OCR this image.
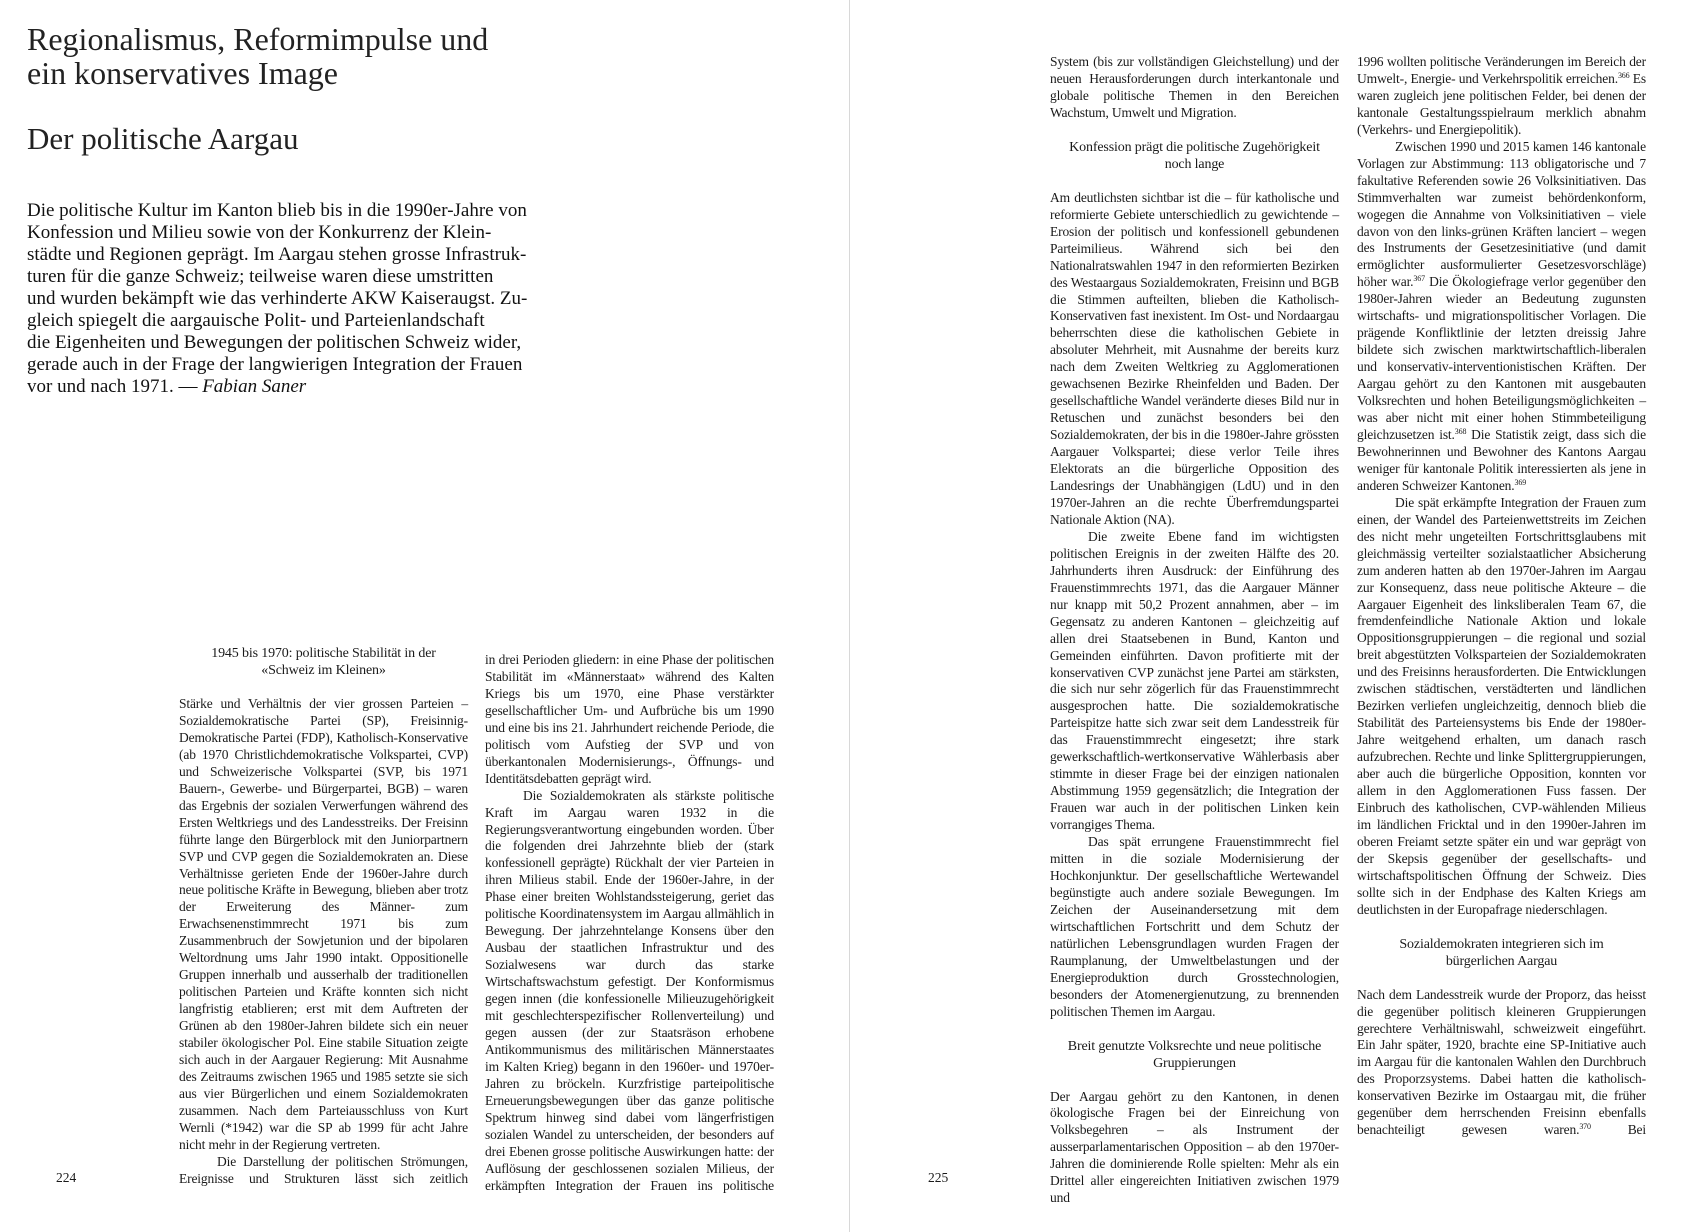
Regionalismus, Reformimpulse und
ein konservatives Image
Der politische Aargau
Die politische Kultur im Kanton blieb bis in die 1990er-Jahre von
Konfession und Milieu sowie von der Konkurrenz der Klein-
städte und Regionen geprägt. Im Aargau stehen grosse Infrastruk-
turen für die ganze Schweiz; teilweise waren diese umstritten
und wurden bekämpft wie das verhinderte AKW Kaiseraugst. Zu-
gleich spiegelt die aargauische Polit- und Parteienlandschaft
die Eigenheiten und Bewegungen der politischen Schweiz wider,
gerade auch in der Frage der langwierigen Integration der Frauen
vor und nach 1971. — Fabian Saner
1945 bis 1970: politische Stabilität in der «Schweiz im Kleinen»

Stärke und Verhältnis der vier grossen Parteien – Sozialdemokratische Partei (SP), Freisinnig-Demokratische Partei (FDP), Katholisch-Konservative (ab 1970 Christlichdemokratische Volkspartei, CVP) und Schweizerische Volkspartei (SVP, bis 1971 Bauern-, Gewerbe- und Bürgerpartei, BGB) – waren das Ergebnis der sozialen Verwerfungen während des Ersten Weltkriegs und des Landesstreiks. Der Freisinn führte lange den Bürgerblock mit den Juniorpartnern SVP und CVP gegen die Sozialdemokraten an. Diese Verhältnisse gerieten Ende der 1960er-Jahre durch neue politische Kräfte in Bewegung, blieben aber trotz der Erweiterung des Männer- zum Erwachsenenstimmrecht 1971 bis zum Zusammenbruch der Sowjetunion und der bipolaren Weltordnung ums Jahr 1990 intakt. Oppositionelle Gruppen innerhalb und ausserhalb der traditionellen politischen Parteien und Kräfte konnten sich nicht langfristig etablieren; erst mit dem Auftreten der Grünen ab den 1980er-Jahren bildete sich ein neuer stabiler ökologischer Pol. Eine stabile Situation zeigte sich auch in der Aargauer Regierung: Mit Ausnahme des Zeitraums zwischen 1965 und 1985 setzte sie sich aus vier Bürgerlichen und einem Sozialdemokraten zusammen. Nach dem Parteiausschluss von Kurt Wernli (*1942) war die SP ab 1999 für acht Jahre nicht mehr in der Regierung vertreten.

Die Darstellung der politischen Strömungen, Ereignisse und Strukturen lässt sich zeitlich

in drei Perioden gliedern: in eine Phase der politischen Stabilität im «Männerstaat» während des Kalten Kriegs bis um 1970, eine Phase verstärkter gesellschaftlicher Um- und Aufbrüche bis um 1990 und eine bis ins 21. Jahrhundert reichende Periode, die politisch vom Aufstieg der SVP und von überkantonalen Modernisierungs-, Öffnungs- und Identitätsdebatten geprägt wird.

Die Sozialdemokraten als stärkste politische Kraft im Aargau waren 1932 in die Regierungsverantwortung eingebunden worden. Über die folgenden drei Jahrzehnte blieb der (stark konfessionell geprägte) Rückhalt der vier Parteien in ihren Milieus stabil. Ende der 1960er-Jahre, in der Phase einer breiten Wohlstandssteigerung, geriet das politische Koordinatensystem im Aargau allmählich in Bewegung. Der jahrzehntelange Konsens über den Ausbau der staatlichen Infrastruktur und des Sozialwesens war durch das starke Wirtschaftswachstum gefestigt. Der Konformismus gegen innen (die konfessionelle Milieuzugehörigkeit mit geschlechterspezifischer Rollenverteilung) und gegen aussen (der zur Staatsräson erhobene Antikommunismus des militärischen Männerstaates im Kalten Krieg) begann in den 1960er- und 1970er-Jahren zu bröckeln. Kurzfristige parteipolitische Erneuerungsbewegungen über das ganze politische Spektrum hinweg sind dabei vom längerfristigen sozialen Wandel zu unterscheiden, der besonders auf drei Ebenen grosse politische Auswirkungen hatte: der Auflösung der geschlossenen sozialen Milieus, der erkämpften Integration der Frauen ins politische

224

System (bis zur vollständigen Gleichstellung) und der neuen Herausforderungen durch interkantonale und globale politische Themen in den Bereichen Wachstum, Umwelt und Migration.

Konfession prägt die politische Zugehörigkeit noch lange

Am deutlichsten sichtbar ist die – für katholische und reformierte Gebiete unterschiedlich zu gewichtende – Erosion der politisch und konfessionell gebundenen Parteimilieus. Während sich bei den Nationalratswahlen 1947 in den reformierten Bezirken des Westaargaus Sozialdemokraten, Freisinn und BGB die Stimmen aufteilten, blieben die Katholisch-Konservativen fast inexistent. Im Ost- und Nordaargau beherrschten diese die katholischen Gebiete in absoluter Mehrheit, mit Ausnahme der bereits kurz nach dem Zweiten Weltkrieg zu Agglomerationen gewachsenen Bezirke Rheinfelden und Baden. Der gesellschaftliche Wandel veränderte dieses Bild nur in Retuschen und zunächst besonders bei den Sozialdemokraten, der bis in die 1980er-Jahre grössten Aargauer Volkspartei; diese verlor Teile ihres Elektorats an die bürgerliche Opposition des Landesrings der Unabhängigen (LdU) und in den 1970er-Jahren an die rechte Überfremdungspartei Nationale Aktion (NA).

Die zweite Ebene fand im wichtigsten politischen Ereignis in der zweiten Hälfte des 20. Jahrhunderts ihren Ausdruck: der Einführung des Frauenstimmrechts 1971, das die Aargauer Männer nur knapp mit 50,2 Prozent annahmen, aber – im Gegensatz zu anderen Kantonen – gleichzeitig auf allen drei Staatsebenen in Bund, Kanton und Gemeinden einführten. Davon profitierte mit der konservativen CVP zunächst jene Partei am stärksten, die sich nur sehr zögerlich für das Frauenstimmrecht ausgesprochen hatte. Die sozialdemokratische Parteispitze hatte sich zwar seit dem Landesstreik für das Frauenstimmrecht eingesetzt; ihre stark gewerkschaftlich-wertkonservative Wählerbasis aber stimmte in dieser Frage bei der einzigen nationalen Abstimmung 1959 gegensätzlich; die Integration der Frauen war auch in der politischen Linken kein vorrangiges Thema.

Das spät errungene Frauenstimmrecht fiel mitten in die soziale Modernisierung der Hochkonjunktur. Der gesellschaftliche Wertewandel begünstigte auch andere soziale Bewegungen. Im Zeichen der Auseinandersetzung mit dem wirtschaftlichen Fortschritt und dem Schutz der natürlichen Lebensgrundlagen wurden Fragen der Raumplanung, der Umweltbelastungen und der Energieproduktion durch Grosstechnologien, besonders der Atomenergienutzung, zu brennenden politischen Themen im Aargau.

Breit genutzte Volksrechte und neue politische Gruppierungen

Der Aargau gehört zu den Kantonen, in denen ökologische Fragen bei der Einreichung von Volksbegehren – als Instrument der ausserparlamentarischen Opposition – ab den 1970er-Jahren die dominierende Rolle spielten: Mehr als ein Drittel aller eingereichten Initiativen zwischen 1979 und

1996 wollten politische Veränderungen im Bereich der Umwelt-, Energie- und Verkehrspolitik erreichen.$^{366}$ Es waren zugleich jene politischen Felder, bei denen der kantonale Gestaltungsspielraum merklich abnahm (Verkehrs- und Energiepolitik).

Zwischen 1990 und 2015 kamen 146 kantonale Vorlagen zur Abstimmung: 113 obligatorische und 7 fakultative Referenden sowie 26 Volksinitiativen. Das Stimmverhalten war zumeist behördenkonform, wogegen die Annahme von Volksinitiativen – viele davon von den links-grünen Kräften lanciert – wegen des Instruments der Gesetzesinitiative (und damit ermöglichter ausformulierter Gesetzesvorschläge) höher war.$^{367}$ Die Ökologiefrage verlor gegenüber den 1980er-Jahren wieder an Bedeutung zugunsten wirtschafts- und migrationspolitischer Vorlagen. Die prägende Konfliktlinie der letzten dreissig Jahre bildete sich zwischen marktwirtschaftlich-liberalen und konservativ-interventionistischen Kräften. Der Aargau gehört zu den Kantonen mit ausgebauten Volksrechten und hohen Beteiligungsmöglichkeiten – was aber nicht mit einer hohen Stimmbeteiligung gleichzusetzen ist.$^{368}$ Die Statistik zeigt, dass sich die Bewohnerinnen und Bewohner des Kantons Aargau weniger für kantonale Politik interessierten als jene in anderen Schweizer Kantonen.$^{369}$

Die spät erkämpfte Integration der Frauen zum einen, der Wandel des Parteienwettstreits im Zeichen des nicht mehr ungeteilten Fortschrittsglaubens mit gleichmässig verteilter sozialstaatlicher Absicherung zum anderen hatten ab den 1970er-Jahren im Aargau zur Konsequenz, dass neue politische Akteure – die Aargauer Eigenheit des linksliberalen Team 67, die fremdenfeindliche Nationale Aktion und lokale Oppositionsgruppierungen – die regional und sozial breit abgestützten Volksparteien der Sozialdemokraten und des Freisinns herausforderten. Die Entwicklungen zwischen städtischen, verstädterten und ländlichen Bezirken verliefen ungleichzeitig, dennoch blieb die Stabilität des Parteiensystems bis Ende der 1980er-Jahre weitgehend erhalten, um danach rasch aufzubrechen. Rechte und linke Splittergruppierungen, aber auch die bürgerliche Opposition, konnten vor allem in den Agglomerationen Fuss fassen. Der Einbruch des katholischen, CVP-wählenden Milieus im ländlichen Fricktal und in den 1990er-Jahren im oberen Freiamt setzte später ein und war geprägt von der Skepsis gegenüber der gesellschafts- und wirtschaftspolitischen Öffnung der Schweiz. Dies sollte sich in der Endphase des Kalten Kriegs am deutlichsten in der Europafrage niederschlagen.

Sozialdemokraten integrieren sich im bürgerlichen Aargau

Nach dem Landesstreik wurde der Proporz, das heisst die gegenüber politisch kleineren Gruppierungen gerechtere Verhältniswahl, schweizweit eingeführt. Ein Jahr später, 1920, brachte eine SP-Initiative auch im Aargau für die kantonalen Wahlen den Durchbruch des Proporzsystems. Dabei hatten die katholisch-konservativen Bezirke im Ostaargau mit, die früher gegenüber dem herrschenden Freisinn ebenfalls benachteiligt gewesen waren.$^{370}$ Bei

225
